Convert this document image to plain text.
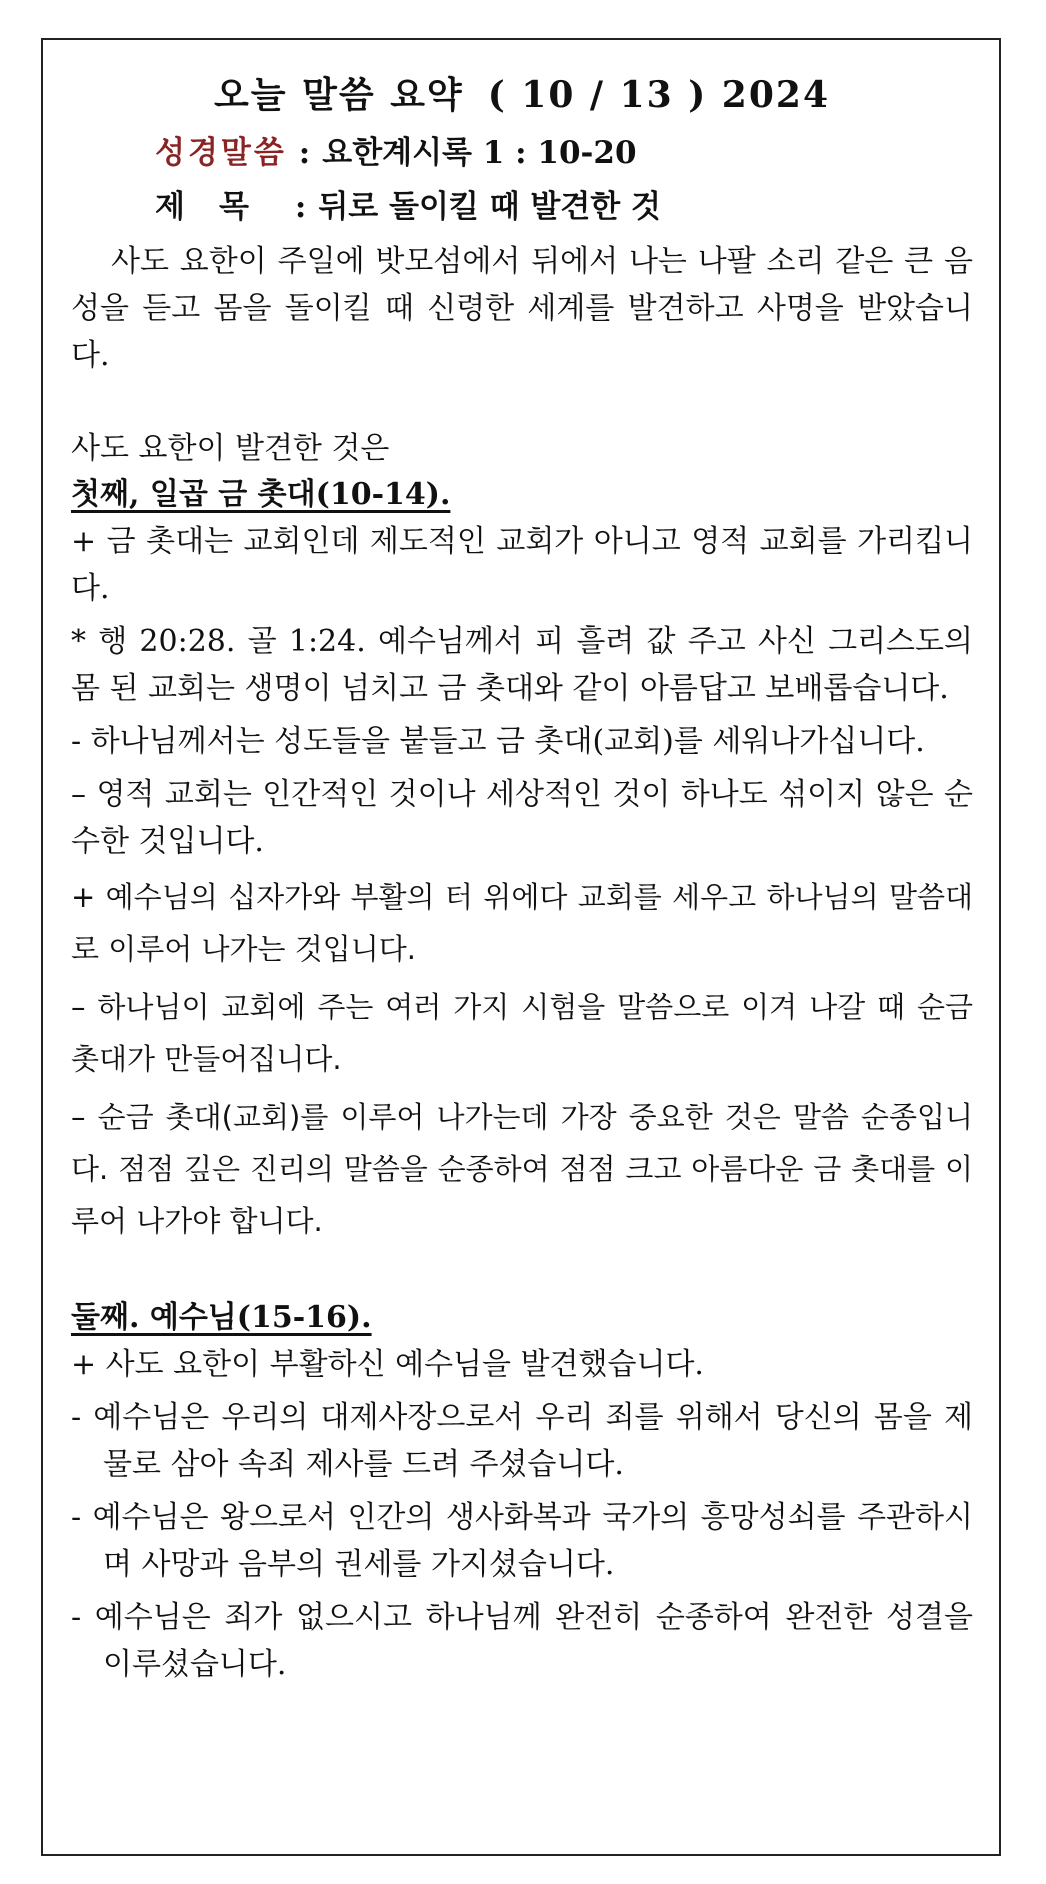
오늘 말씀 요약 ( 10 / 13 ) 2024
성경말씀 : 요한계시록 1 : 10-20
제목 : 뒤로 돌이킬 때 발견한 것

사도 요한이 주일에 밧모섬에서 뒤에서 나는 나팔 소리 같은 큰 음성을 듣고 몸을 돌이킬 때 신령한 세계를 발견하고 사명을 받았습니다.

사도 요한이 발견한 것은

첫째, 일곱 금 촛대(10-14).

+ 금 촛대는 교회인데 제도적인 교회가 아니고 영적 교회를 가리킵니다.

* 행 20:28. 골 1:24. 예수님께서 피 흘려 값 주고 사신 그리스도의 몸 된 교회는 생명이 넘치고 금 촛대와 같이 아름답고 보배롭습니다.

- 하나님께서는 성도들을 붙들고 금 촛대(교회)를 세워나가십니다.

– 영적 교회는 인간적인 것이나 세상적인 것이 하나도 섞이지 않은 순수한 것입니다.

+ 예수님의 십자가와 부활의 터 위에다 교회를 세우고 하나님의 말씀대로 이루어 나가는 것입니다.

– 하나님이 교회에 주는 여러 가지 시험을 말씀으로 이겨 나갈 때 순금 촛대가 만들어집니다.

– 순금 촛대(교회)를 이루어 나가는데 가장 중요한 것은 말씀 순종입니다. 점점 깊은 진리의 말씀을 순종하여 점점 크고 아름다운 금 촛대를 이루어 나가야 합니다.

둘째. 예수님(15-16).

+ 사도 요한이 부활하신 예수님을 발견했습니다.

- 예수님은 우리의 대제사장으로서 우리 죄를 위해서 당신의 몸을 제물로 삼아 속죄 제사를 드려 주셨습니다.

- 예수님은 왕으로서 인간의 생사화복과 국가의 흥망성쇠를 주관하시며 사망과 음부의 권세를 가지셨습니다.

- 예수님은 죄가 없으시고 하나님께 완전히 순종하여 완전한 성결을 이루셨습니다.
